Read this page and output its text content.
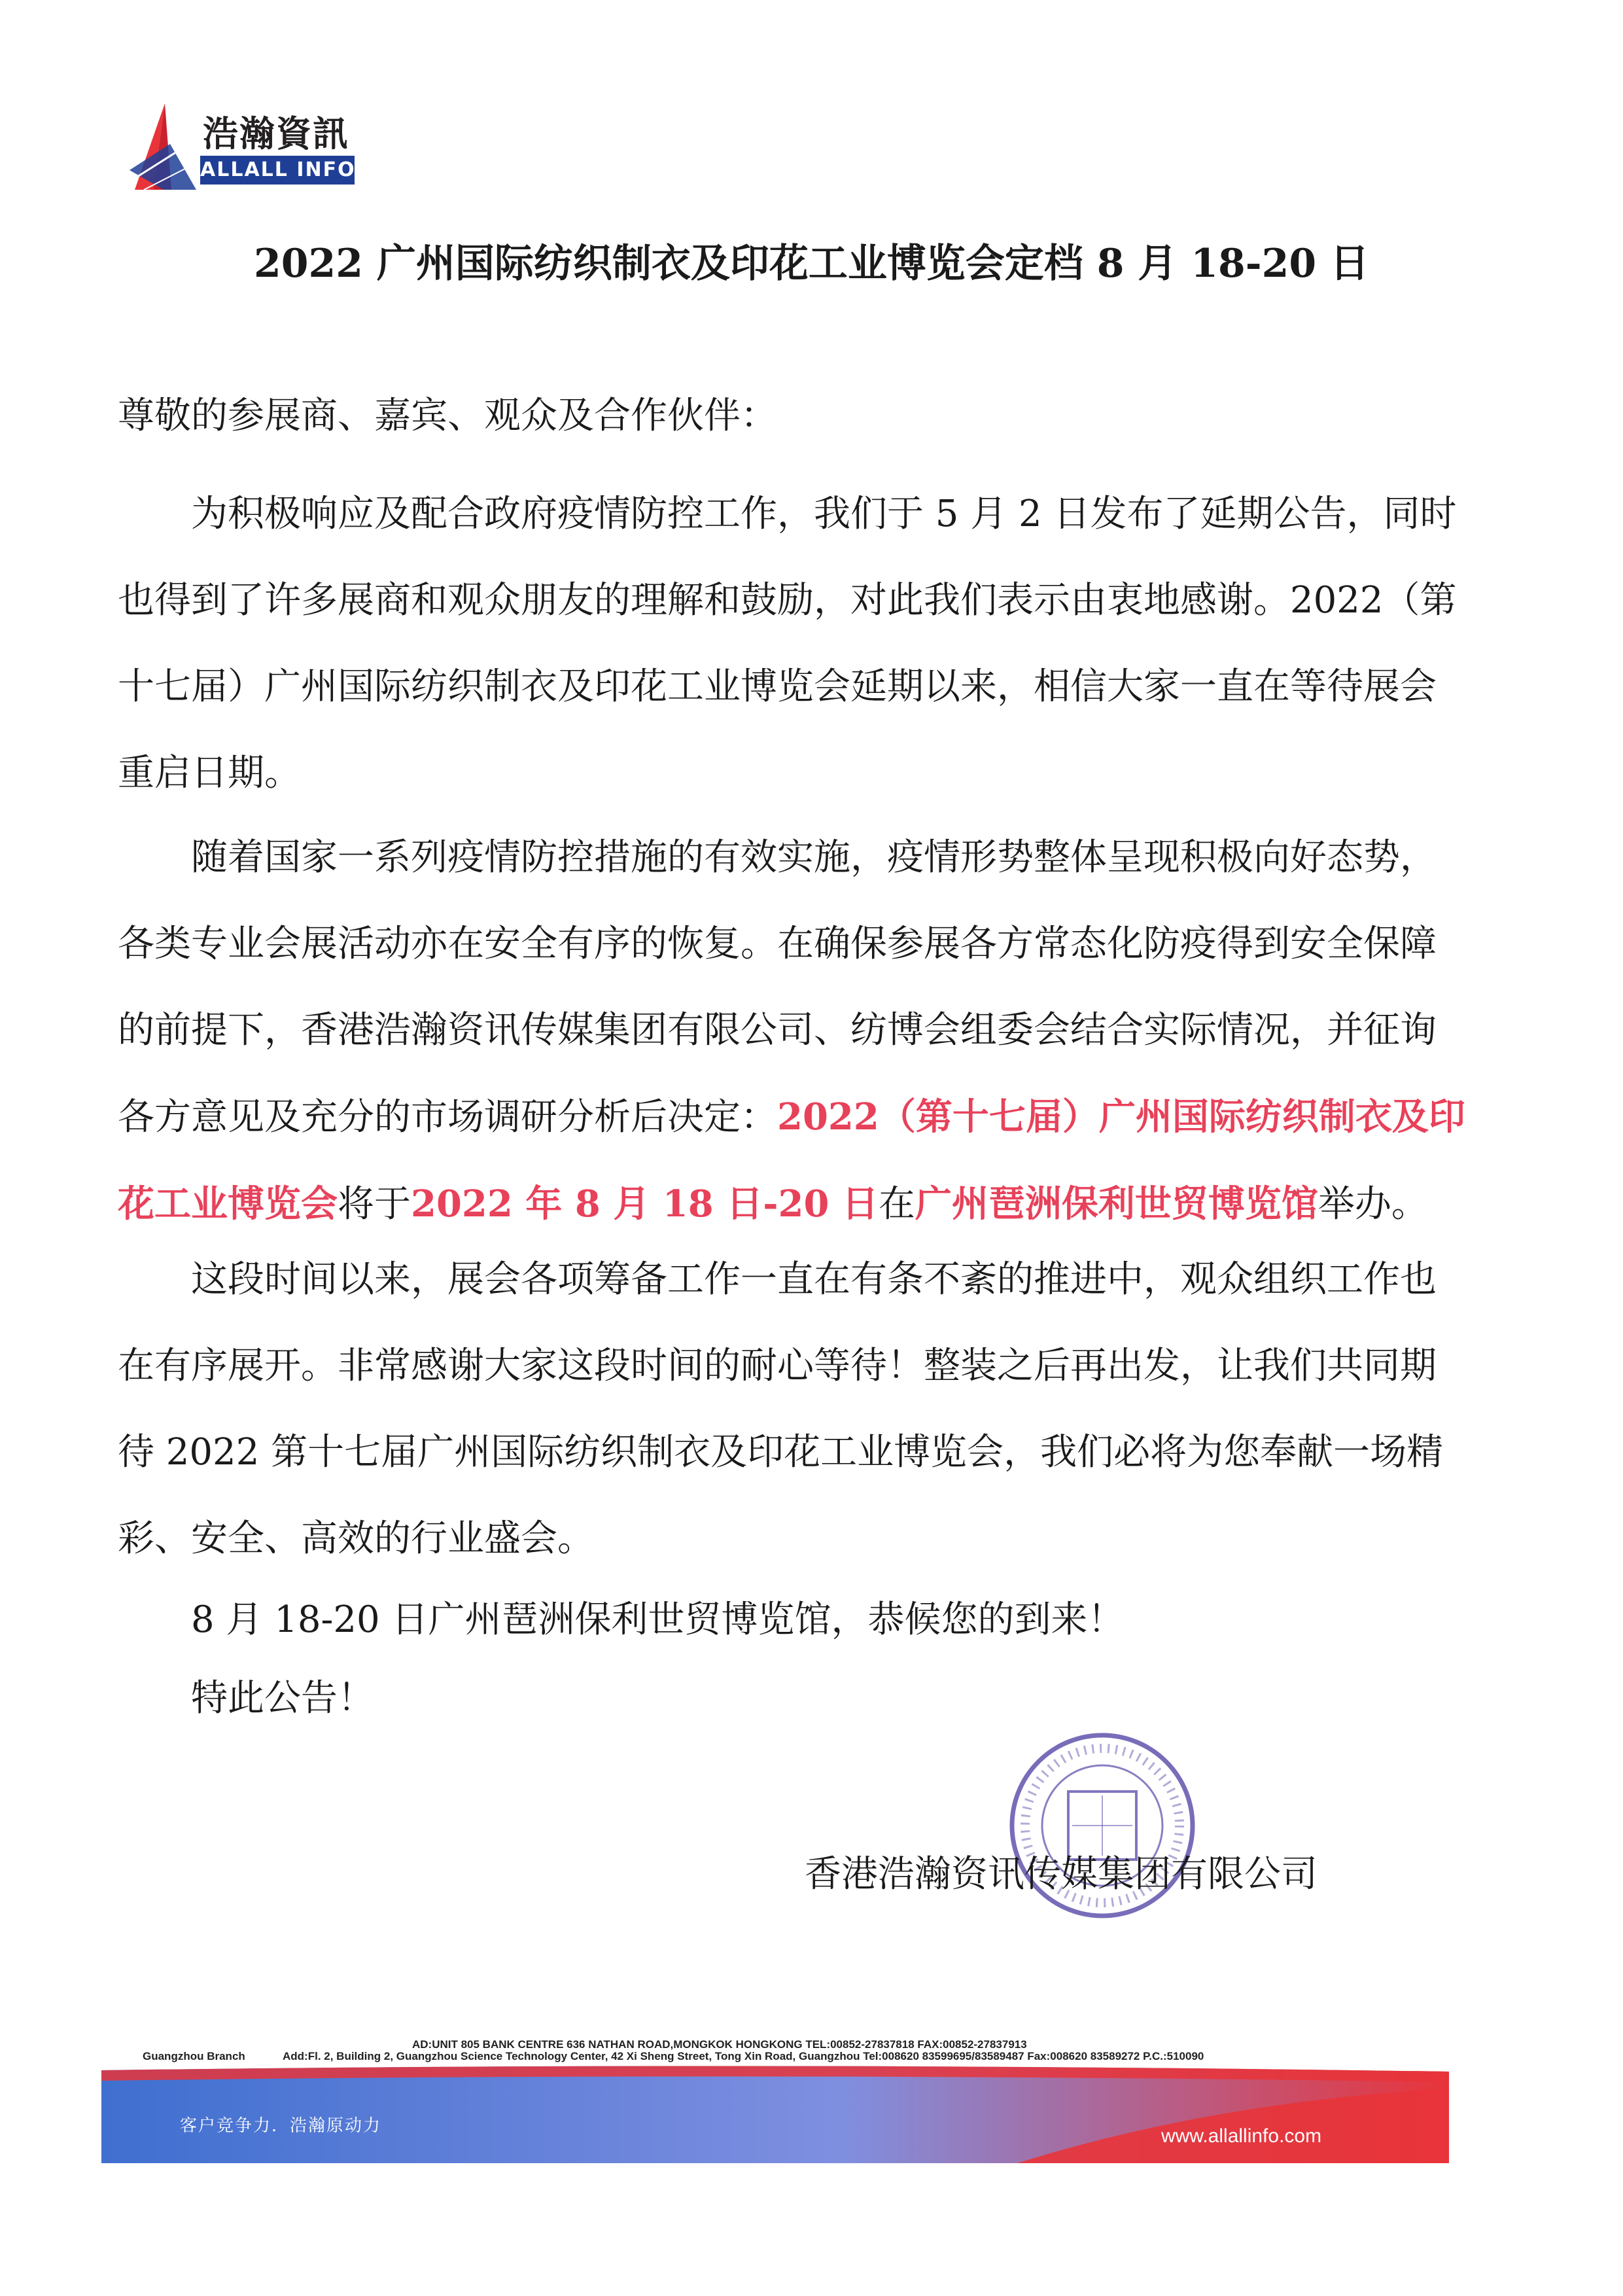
浩瀚資訊
ALLALL INFO
2022 广州国际纺织制衣及印花工业博览会定档 8 月 18-20 日

尊敬的参展商、嘉宾、观众及合作伙伴：

为积极响应及配合政府疫情防控工作，我们于 5 月 2 日发布了延期公告，同时也得到了许多展商和观众朋友的理解和鼓励，对此我们表示由衷地感谢。2022（第十七届）广州国际纺织制衣及印花工业博览会延期以来，相信大家一直在等待展会重启日期。

随着国家一系列疫情防控措施的有效实施，疫情形势整体呈现积极向好态势，各类专业会展活动亦在安全有序的恢复。在确保参展各方常态化防疫得到安全保障的前提下，香港浩瀚资讯传媒集团有限公司、纺博会组委会结合实际情况，并征询各方意见及充分的市场调研分析后决定：2022（第十七届）广州国际纺织制衣及印花工业博览会将于2022 年 8 月 18 日-20 日在广州琶洲保利世贸博览馆举办。

这段时间以来，展会各项筹备工作一直在有条不紊的推进中，观众组织工作也在有序展开。非常感谢大家这段时间的耐心等待！整装之后再出发，让我们共同期待 2022 第十七届广州国际纺织制衣及印花工业博览会，我们必将为您奉献一场精彩、安全、高效的行业盛会。

8 月 18-20 日广州琶洲保利世贸博览馆，恭候您的到来！

特此公告！

香港浩瀚资讯传媒集团有限公司
AD:UNIT 805 BANK CENTRE 636 NATHAN ROAD,MONGKOK HONGKONG TEL:00852-27837818 FAX:00852-27837913
Guangzhou Branch	Add:Fl. 2, Building 2, Guangzhou Science Technology Center, 42 Xi Sheng Street, Tong Xin Road, Guangzhou Tel:008620 83599695/83589487 Fax:008620 83589272 P.C.:510090
客户竞争力．浩瀚原动力	www.allallinfo.com
